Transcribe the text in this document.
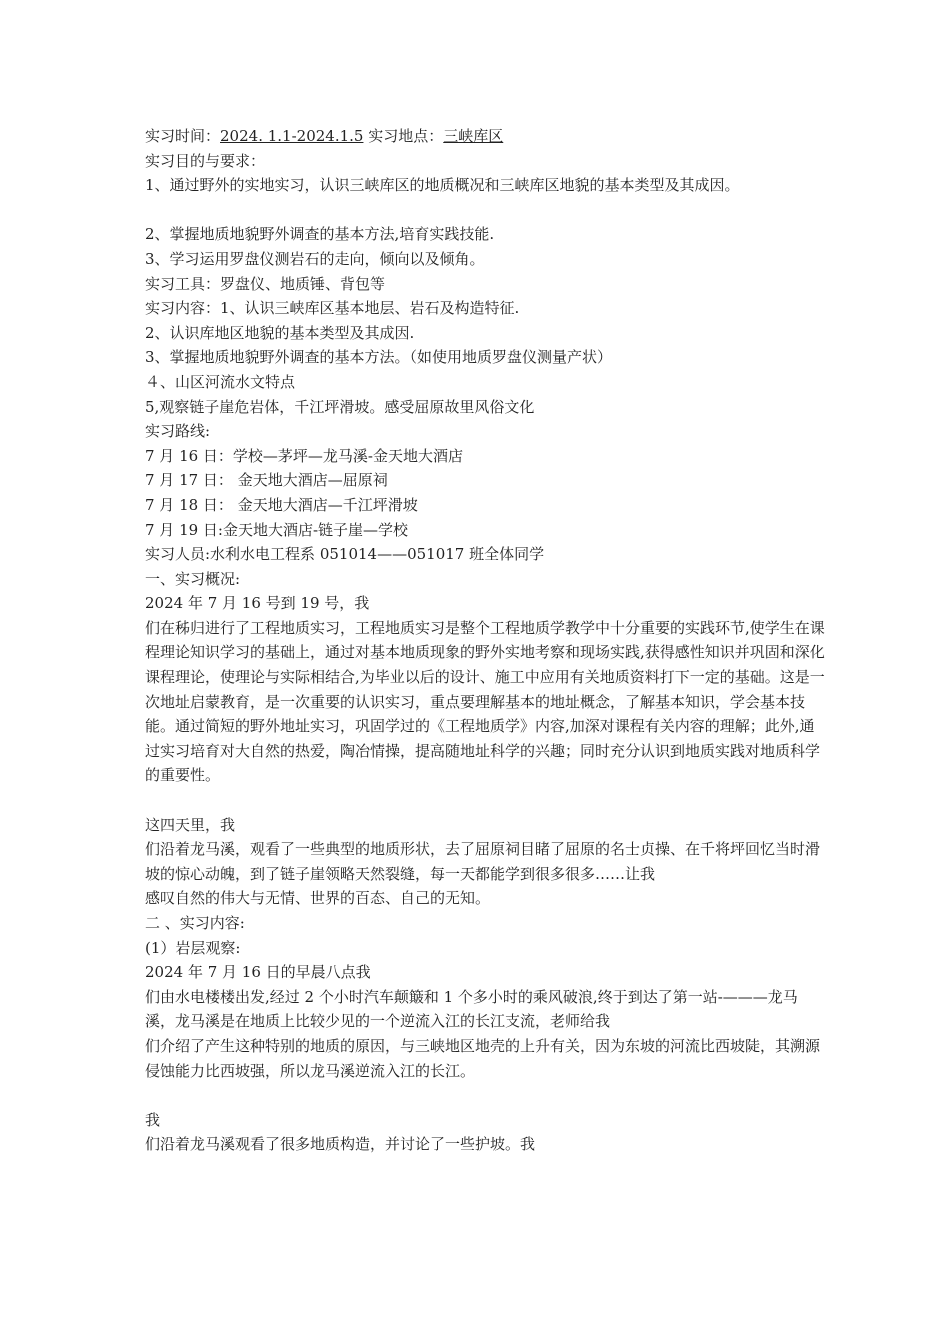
实习时间：2024. 1.1-2024.1.5 实习地点：三峡库区
实习目的与要求：
1、通过野外的实地实习，认识三峡库区的地质概况和三峡库区地貌的基本类型及其成因。
2、掌握地质地貌野外调查的基本方法,培育实践技能.
3、学习运用罗盘仪测岩石的走向，倾向以及倾角。
实习工具：罗盘仪、地质锤、背包等
实习内容：1、认识三峡库区基本地层、岩石及构造特征.
2、认识库地区地貌的基本类型及其成因.
3、掌握地质地貌野外调查的基本方法。（如使用地质罗盘仪测量产状）
４、山区河流水文特点
5,观察链子崖危岩体，千江坪滑坡。感受屈原故里风俗文化
实习路线:
7 月 16 日：学校—茅坪—龙马溪-金天地大酒店
7 月 17 日： 金天地大酒店—屈原祠
7 月 18 日： 金天地大酒店—千江坪滑坡
7 月 19 日:金天地大酒店-链子崖—学校
实习人员:水利水电工程系 051014——051017 班全体同学
一、实习概况:
2024 年 7 月 16 号到 19 号，我
们在秭归进行了工程地质实习，工程地质实习是整个工程地质学教学中十分重要的实践环节,使学生在课程理论知识学习的基础上，通过对基本地质现象的野外实地考察和现场实践,获得感性知识并巩固和深化课程理论，使理论与实际相结合,为毕业以后的设计、施工中应用有关地质资料打下一定的基础。这是一次地址启蒙教育，是一次重要的认识实习，重点要理解基本的地址概念，了解基本知识，学会基本技能。通过简短的野外地址实习，巩固学过的《工程地质学》内容,加深对课程有关内容的理解；此外,通过实习培育对大自然的热爱，陶冶情操，提高随地址科学的兴趣；同时充分认识到地质实践对地质科学的重要性。
这四天里，我
们沿着龙马溪，观看了一些典型的地质形状，去了屈原祠目睹了屈原的名士贞操、在千将坪回忆当时滑坡的惊心动魄，到了链子崖领略天然裂缝，每一天都能学到很多很多……让我
感叹自然的伟大与无情、世界的百态、自己的无知。
二 、实习内容:
(1）岩层观察:
2024 年 7 月 16 日的早晨八点我
们由水电楼楼出发,经过 2 个小时汽车颠簸和 1 个多小时的乘风破浪,终于到达了第一站-———龙马溪，龙马溪是在地质上比较少见的一个逆流入江的长江支流，老师给我
们介绍了产生这种特别的地质的原因，与三峡地区地壳的上升有关，因为东坡的河流比西坡陡，其溯源侵蚀能力比西坡强，所以龙马溪逆流入江的长江。
我
们沿着龙马溪观看了很多地质构造，并讨论了一些护坡。我
